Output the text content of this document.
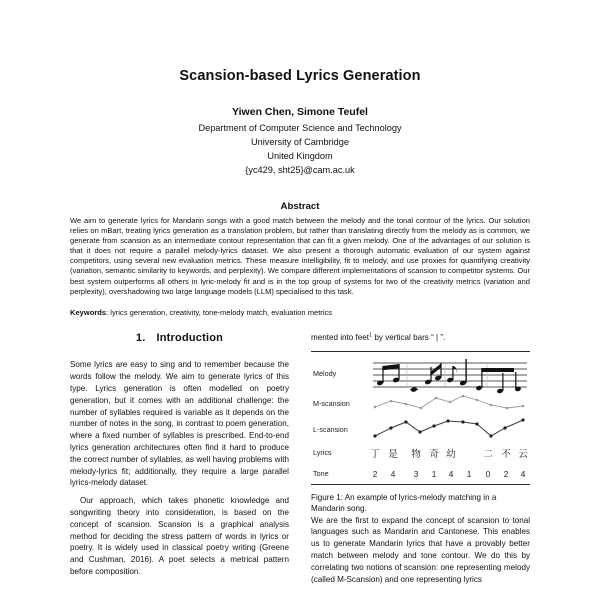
Scansion-based Lyrics Generation
Yiwen Chen, Simone Teufel
Department of Computer Science and Technology
University of Cambridge
United Kingdom
{yc429, sht25}@cam.ac.uk
Abstract
We aim to generate lyrics for Mandarin songs with a good match between the melody and the tonal contour of the lyrics. Our solution relies on mBart, treating lyrics generation as a translation problem, but rather than translating directly from the melody as is common, we generate from scansion as an intermediate contour representation that can fit a given melody. One of the advantages of our solution is that it does not require a parallel melody-lyrics dataset. We also present a thorough automatic evaluation of our system against competitors, using several new evaluation metrics. These measure intelligibility, fit to melody, and use proxies for quantifying creativity (variation, semantic similarity to keywords, and perplexity). We compare different implementations of scansion to competitor systems. Our best system outperforms all others in lyric-melody fit and is in the top group of systems for two of the creativity metrics (variation and perplexity), overshadowing two large language models (LLM) specialised to this task.
Keywords: lyrics generation, creativity, tone-melody match, evaluation metrics
1. Introduction

Some lyrics are easy to sing and to remember because the words follow the melody. We aim to generate lyrics of this type. Lyrics generation is often modelled on poetry generation, but it comes with an additional challenge: the number of syllables required is variable as it depends on the number of notes in the song, in contrast to poem generation, where a fixed number of syllables is prescribed. End-to-end lyrics generation architectures often find it hard to produce the correct number of syllables, as well having problems with melody-lyrics fit; additionally, they require a large parallel lyrics-melody dataset.

Our approach, which takes phonetic knowledge and songwriting theory into consideration, is based on the concept of scansion. Scansion is a graphical analysis method for deciding the stress pattern of words in lyrics or poetry. It is widely used in classical poetry writing (Greene and Cushman, 2016). A poet selects a metrical pattern before composition.

mented into feet$^1$ by vertical bars “ | ”.

Melody
M-scansion
L-scansion
Lyrics	丁 是 物 奇 幼	二 不 云
Tone	2 4 3 1 4 1 0 2 4
Figure 1: An example of lyrics-melody matching in a Mandarin song.

We are the first to expand the concept of scansion to tonal languages such as Mandarin and Cantonese. This enables us to generate Mandarin lyrics that have a provably better match between melody and tone contour. We do this by correlating two notions of scansion: one representing melody (called M-Scansion) and one representing lyrics
